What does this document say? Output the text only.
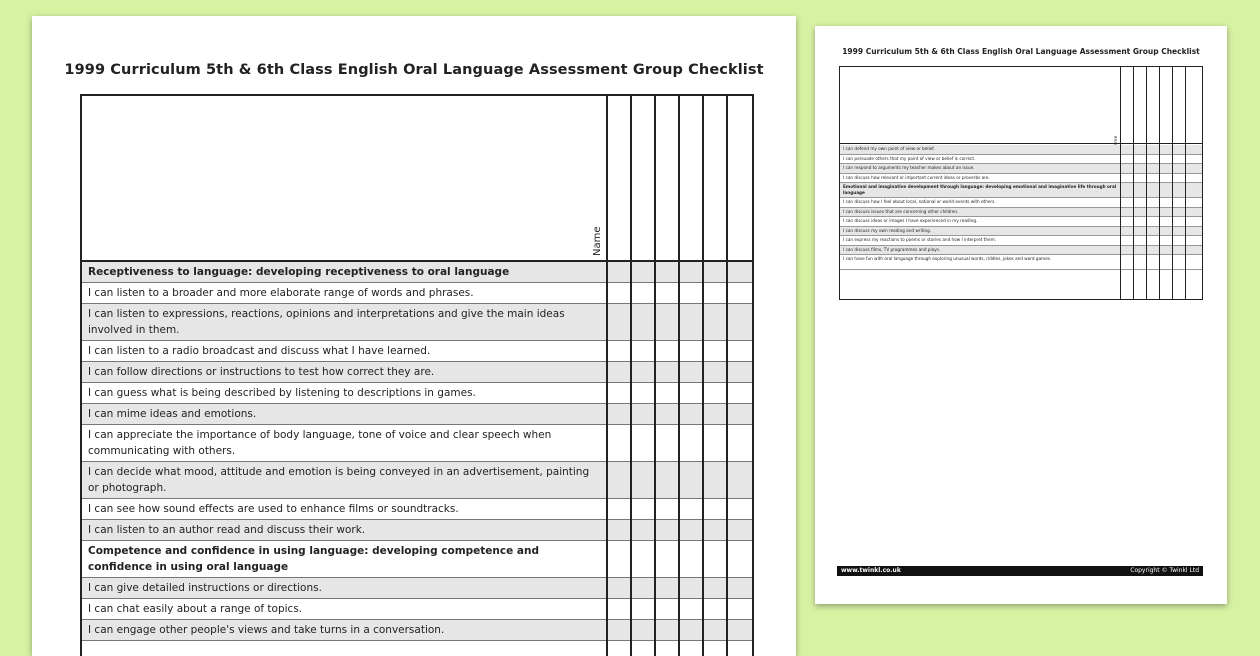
1999 Curriculum 5th & 6th Class English Oral Language Assessment Group Checklist
Name
Receptiveness to language: developing receptiveness to oral language
I can listen to a broader and more elaborate range of words and phrases.
I can listen to expressions, reactions, opinions and interpretations and give the main ideas involved in them.
I can listen to a radio broadcast and discuss what I have learned.
I can follow directions or instructions to test how correct they are.
I can guess what is being described by listening to descriptions in games.
I can mime ideas and emotions.
I can appreciate the importance of body language, tone of voice and clear speech when communicating with others.
I can decide what mood, attitude and emotion is being conveyed in an advertisement, painting or photograph.
I can see how sound effects are used to enhance films or soundtracks.
I can listen to an author read and discuss their work.
Competence and confidence in using language: developing competence and confidence in using oral language
I can give detailed instructions or directions.
I can chat easily about a range of topics.
I can engage other people's views and take turns in a conversation.
1999 Curriculum 5th & 6th Class English Oral Language Assessment Group Checklist
I can defend my own point of view or belief.
I can persuade others that my point of view or belief is correct.
I can respond to arguments my teacher makes about an issue.
I can discuss how relevant or important current ideas or proverbs are.
Emotional and imaginative development through language: developing emotional and imaginative life through oral language
I can discuss how I feel about local, national or world events with others.
I can discuss issues that are concerning other children.
I can discuss ideas or images I have experienced in my reading.
I can discuss my own reading and writing.
I can express my reactions to poems or stories and how I interpret them.
I can discuss films, TV programmes and plays.
I can have fun with oral language through exploring unusual words, riddles, jokes and word games.
www.twinkl.co.uk	Copyright © Twinkl Ltd
